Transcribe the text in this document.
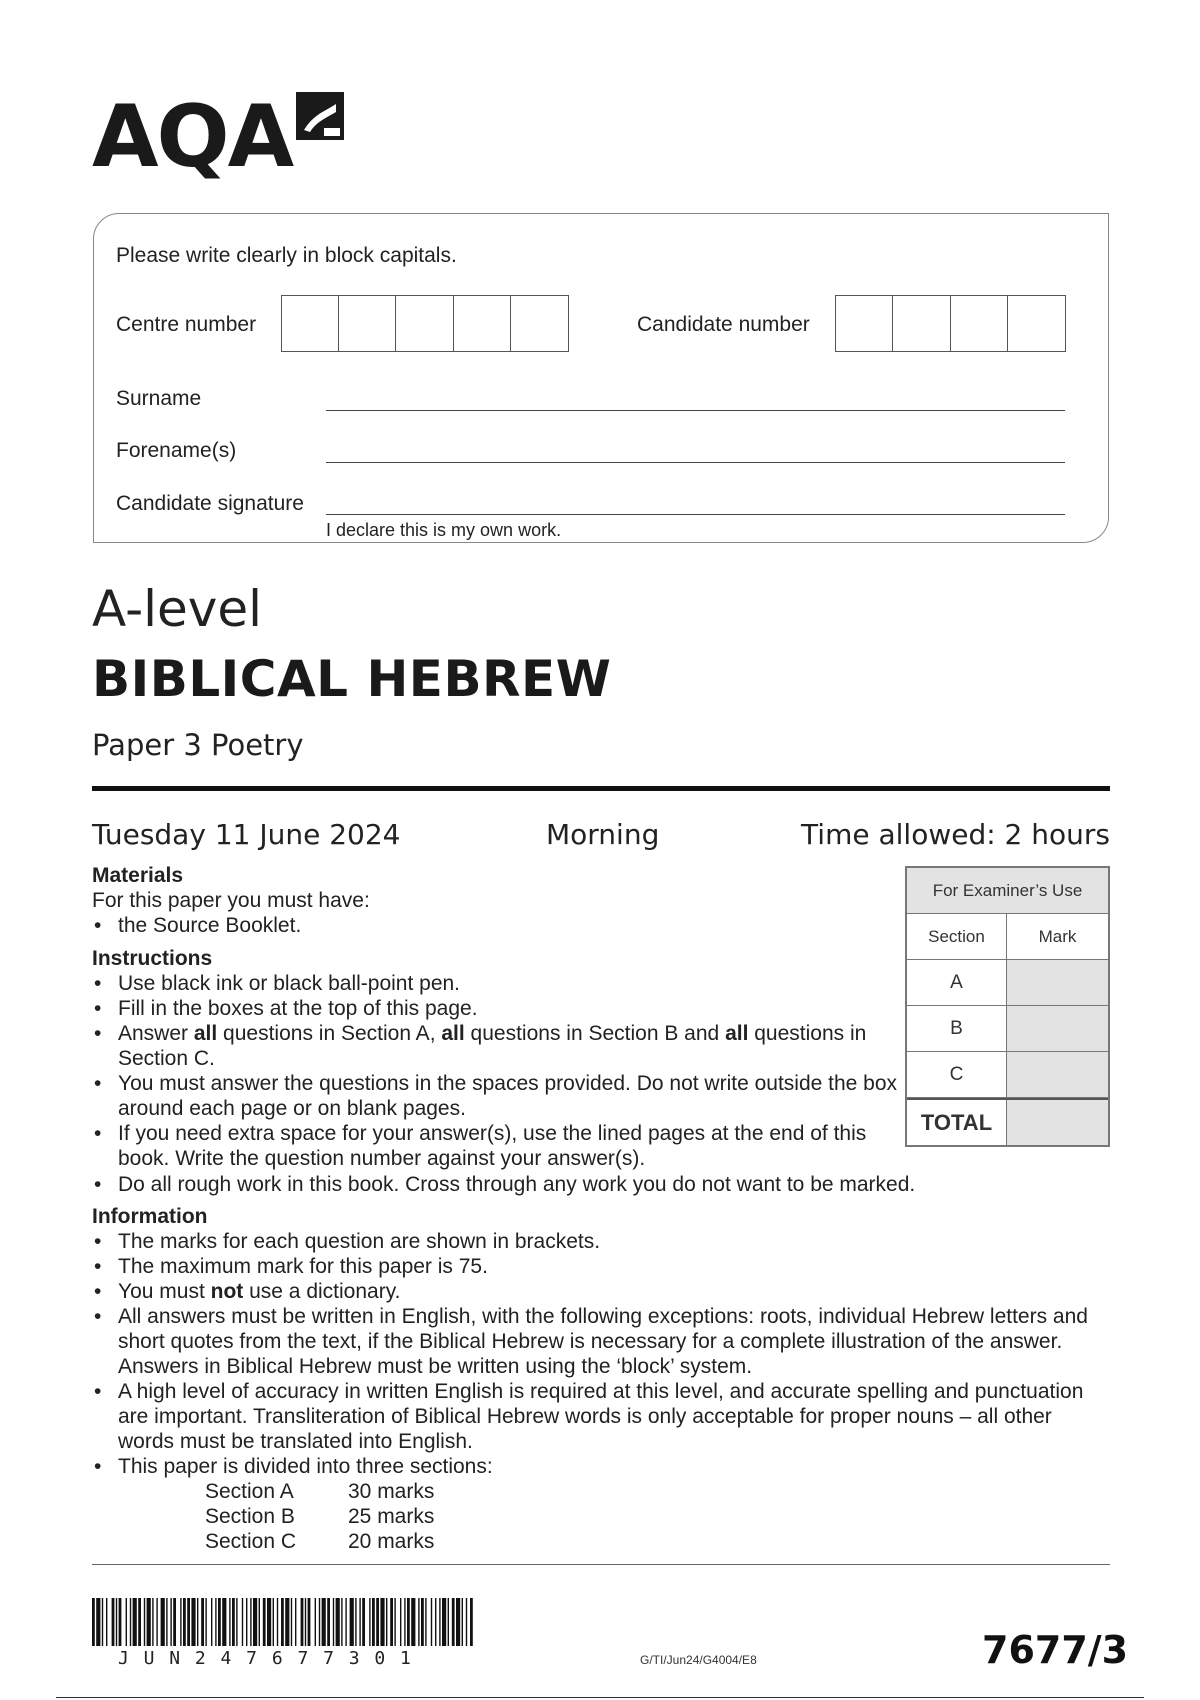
AQA
Please write clearly in block capitals.
Centre number	Candidate number
Surname
Forename(s)
Candidate signature
I declare this is my own work.
A-level
BIBLICAL HEBREW
Paper 3 Poetry
Tuesday 11 June 2024	Morning	Time allowed: 2 hours
Materials
For this paper you must have:
• the Source Booklet.
Instructions
• Use black ink or black ball-point pen.
• Fill in the boxes at the top of this page.
• Answer all questions in Section A, all questions in Section B and all questions in Section C.
• You must answer the questions in the spaces provided. Do not write outside the box around each page or on blank pages.
• If you need extra space for your answer(s), use the lined pages at the end of this book. Write the question number against your answer(s).
• Do all rough work in this book. Cross through any work you do not want to be marked.
Information
• The marks for each question are shown in brackets.
• The maximum mark for this paper is 75.
• You must not use a dictionary.
• All answers must be written in English, with the following exceptions: roots, individual Hebrew letters and short quotes from the text, if the Biblical Hebrew is necessary for a complete illustration of the answer. Answers in Biblical Hebrew must be written using the ‘block’ system.
• A high level of accuracy in written English is required at this level, and accurate spelling and punctuation are important. Transliteration of Biblical Hebrew words is only acceptable for proper nouns – all other words must be translated into English.
• This paper is divided into three sections:
Section A	30 marks
Section B	25 marks
Section C 20 marks
For Examiner’s Use
Section	Mark
A
B
C
TOTAL
JUN247677301	G/TI/Jun24/G4004/E8	7677/3
